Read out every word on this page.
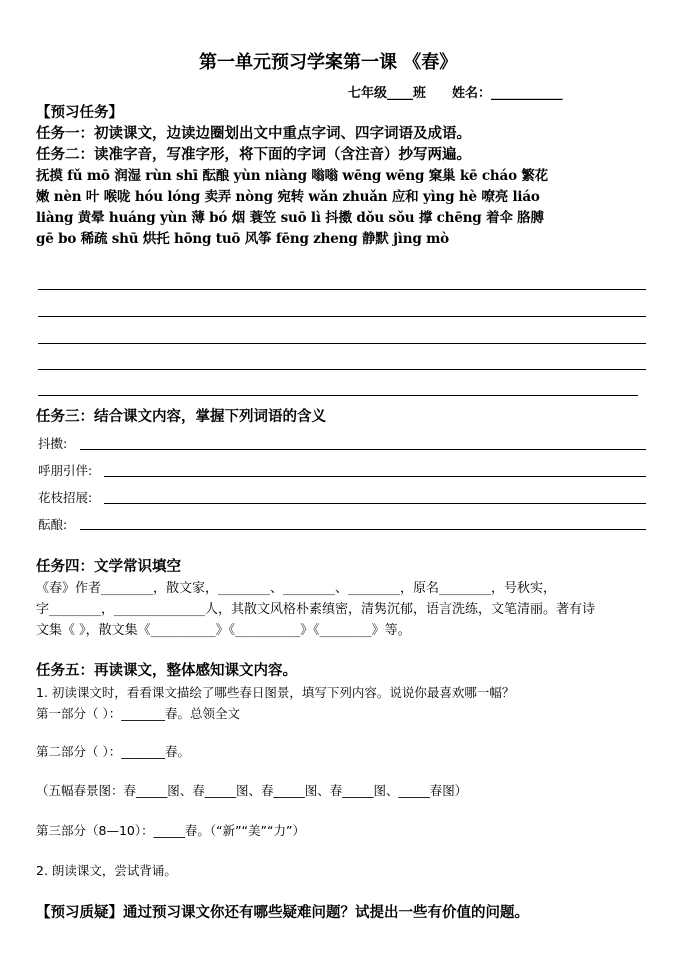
第一单元预习学案第一课 《春》
七年级____班 姓名：___________
【预习任务】
任务一：初读课文，边读边圈划出文中重点字词、四字词语及成语。
任务二：读准字音，写准字形，将下面的字词（含注音）抄写两遍。
抚摸 fǔ mō 润湿 rùn shī 酝酿 yùn niàng 嗡嗡 wēng wēng 窠巢 kē cháo 繁花
嫩 nèn 叶 喉咙 hóu lóng 卖弄 nòng 宛转 wǎn zhuǎn 应和 yìng hè 嘹亮 liáo
liàng 黄晕 huáng yùn 薄 bó 烟 蓑笠 suō lì 抖擞 dǒu sǒu 撑 chēng 着伞 胳膊
gē bo 稀疏 shū 烘托 hōng tuō 风筝 fēng zheng 静默 jìng mò
任务三：结合课文内容，掌握下列词语的含义
抖擞:
呼朋引伴:
花枝招展:
酝酿:
任务四：文学常识填空
《春》作者________，散文家，________、________、________，原名________，号秋实，
字________，______________人，其散文风格朴素缜密，清隽沉郁，语言洗练，文笔清丽。著有诗
文集《 》，散文集《__________》《__________》《________》等。
任务五：再读课文，整体感知课文内容。
1. 初读课文时，看看课文描绘了哪些春日图景，填写下列内容。说说你最喜欢哪一幅？
第一部分（ ）：_______春。总领全文
第二部分（ ）：_______春。
（五幅春景图：春_____图、春_____图、春_____图、春_____图、_____春图）
第三部分（8—10）：_____春。（“新”“美”“力”）
2. 朗读课文，尝试背诵。
【预习质疑】通过预习课文你还有哪些疑难问题？试提出一些有价值的问题。
